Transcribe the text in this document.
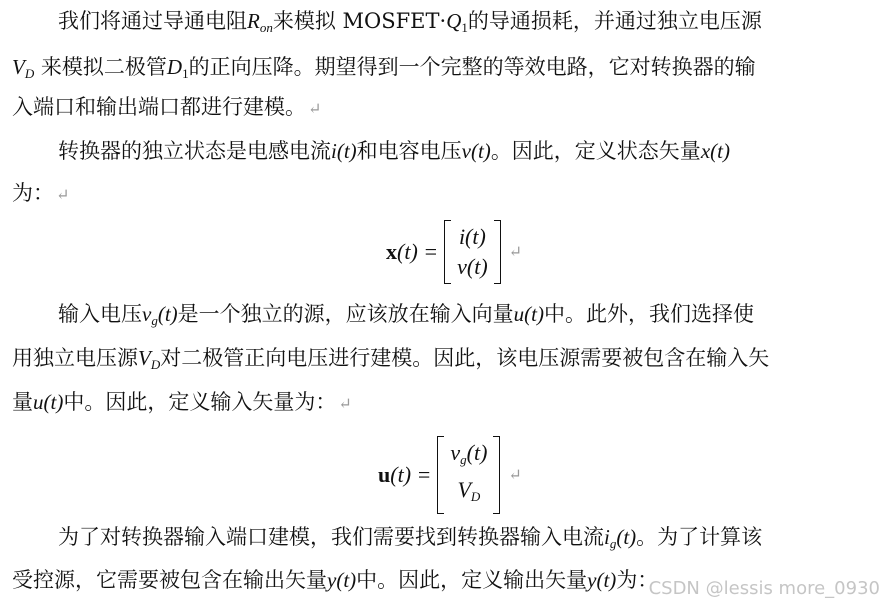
我们将通过导通电阻$R_{on}$来模拟 $MOSFET\cdot Q_1$的导通损耗，并通过独立电压源
$V_D$ 来模拟二极管$D_1$的正向压降。期望得到一个完整的等效电路，它对转换器的输
入端口和输出端口都进行建模。 ↵
转换器的独立状态是电感电流i(t)和电容电压v(t)。因此，定义状态矢量x(t)
为： ↵
x(t) =
i(t)
v(t)
↵
输入电压$v_g(t)$是一个独立的源，应该放在输入向量u(t)中。此外，我们选择使
用独立电压源$V_D$对二极管正向电压进行建模。因此，该电压源需要被包含在输入矢
量u(t)中。因此，定义输入矢量为： ↵
u(t) =
$v_g(t)$
$V_D$
↵
为了对转换器输入端口建模，我们需要找到转换器输入电流$i_g(t)$。为了计算该
受控源，它需要被包含在输出矢量y(t)中。因此，定义输出矢量y(t)为：
CSDN @lessis more_0930
